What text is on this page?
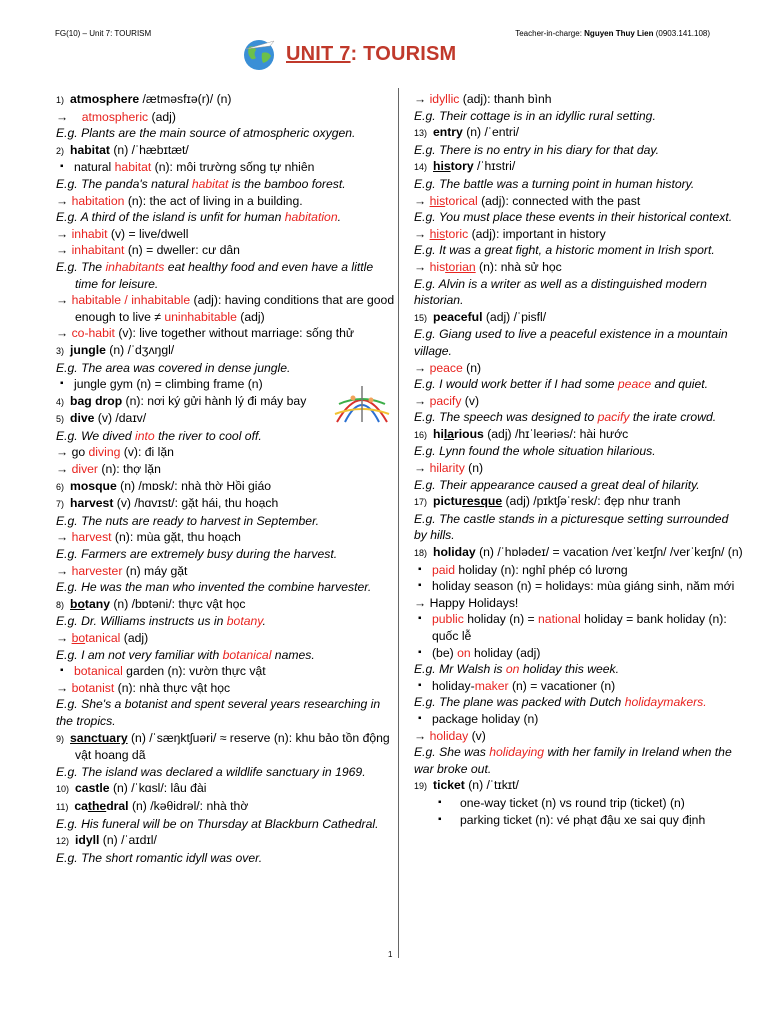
FG(10) – Unit 7: TOURISM	Teacher-in-charge: Nguyen Thuy Lien (0903.141.108)
UNIT 7: TOURISM

1) atmosphere /ætməsfɪə(r)/ (n)

→ atmospheric (adj)

E.g. Plants are the main source of atmospheric oxygen.

2) habitat (n) /ˈhæbɪtæt/

▪ natural habitat (n): môi trường sống tự nhiên

E.g. The panda's natural habitat is the bamboo forest.

→ habitation (n): the act of living in a building.

E.g. A third of the island is unfit for human habitation.

→ inhabit (v) = live/dwell

→ inhabitant (n) = dweller: cư dân

E.g. The inhabitants eat healthy food and even have a little time for leisure.

→ habitable / inhabitable (adj): having conditions that are good enough to live ≠ uninhabitable (adj)

→ co-habit (v): live together without marriage: sống thử

3) jungle (n) /ˈdʒʌŋgl/

E.g. The area was covered in dense jungle.

▪ jungle gym (n) = climbing frame (n)

4) bag drop (n): nơi ký gửi hành lý đi máy bay

5) dive (v) /daɪv/

E.g. We dived into the river to cool off.

→ go diving (v): đi lặn

→ diver (n): thợ lặn

6) mosque (n) /mɒsk/: nhà thờ Hồi giáo

7) harvest (v) /hɑvɪst/: gặt hái, thu hoạch

E.g. The nuts are ready to harvest in September.

→ harvest (n): mùa gặt, thu hoạch

E.g. Farmers are extremely busy during the harvest.

→ harvester (n) máy gặt

E.g. He was the man who invented the combine harvester.

8) botany (n) /bɒtəni/: thực vật học

E.g. Dr. Williams instructs us in botany.

→ botanical (adj)

E.g. I am not very familiar with botanical names.

▪ botanical garden (n): vườn thực vật

→ botanist (n): nhà thực vật học

E.g. She's a botanist and spent several years researching in the tropics.

9) sanctuary (n) /ˈsæŋktʃuəri/ ≈ reserve (n): khu bảo tồn động vật hoang dã

E.g. The island was declared a wildlife sanctuary in 1969.

10) castle (n) /ˈkɑsl/: lâu đài

11) cathedral (n) /kəθidrəl/: nhà thờ

E.g. His funeral will be on Thursday at Blackburn Cathedral.

12) idyll (n) /ˈaɪdɪl/

E.g. The short romantic idyll was over.

→ idyllic (adj): thanh bình

E.g. Their cottage is in an idyllic rural setting.

13) entry (n) /ˈentri/

E.g. There is no entry in his diary for that day.

14) history /ˈhɪstri/

E.g. The battle was a turning point in human history.

→ historical (adj): connected with the past

E.g. You must place these events in their historical context.

→ historic (adj): important in history

E.g. It was a great fight, a historic moment in Irish sport.

→ historian (n): nhà sử học

E.g. Alvin is a writer as well as a distinguished modern historian.

15) peaceful (adj) /ˈpisfl/

E.g. Giang used to live a peaceful existence in a mountain village.

→ peace (n)

E.g. I would work better if I had some peace and quiet.

→ pacify (v)

E.g. The speech was designed to pacify the irate crowd.

16) hilarious (adj) /hɪˈleəriəs/: hài hước

E.g. Lynn found the whole situation hilarious.

→ hilarity (n)

E.g. Their appearance caused a great deal of hilarity.

17) picturesque (adj) /pɪktʃəˈresk/: đẹp như tranh

E.g. The castle stands in a picturesque setting surrounded by hills.

18) holiday (n) /ˈhɒlədeɪ/ = vacation /veɪˈkeɪʃn/ /verˈkeɪʃn/ (n)

▪ paid holiday (n): nghỉ phép có lương

▪ holiday season (n) = holidays: mùa giáng sinh, năm mới

→ Happy Holidays!

▪ public holiday (n) = national holiday = bank holiday (n): quốc lễ

▪ (be) on holiday (adj)

E.g. Mr Walsh is on holiday this week.

▪ holiday-maker (n) = vacationer (n)

E.g. The plane was packed with Dutch holidaymakers.

▪ package holiday (n)

→ holiday (v)

E.g. She was holidaying with her family in Ireland when the war broke out.

19) ticket (n) /ˈtɪkɪt/

▪ one-way ticket (n) vs round trip (ticket) (n)

▪ parking ticket (n): vé phạt đậu xe sai quy định

1
